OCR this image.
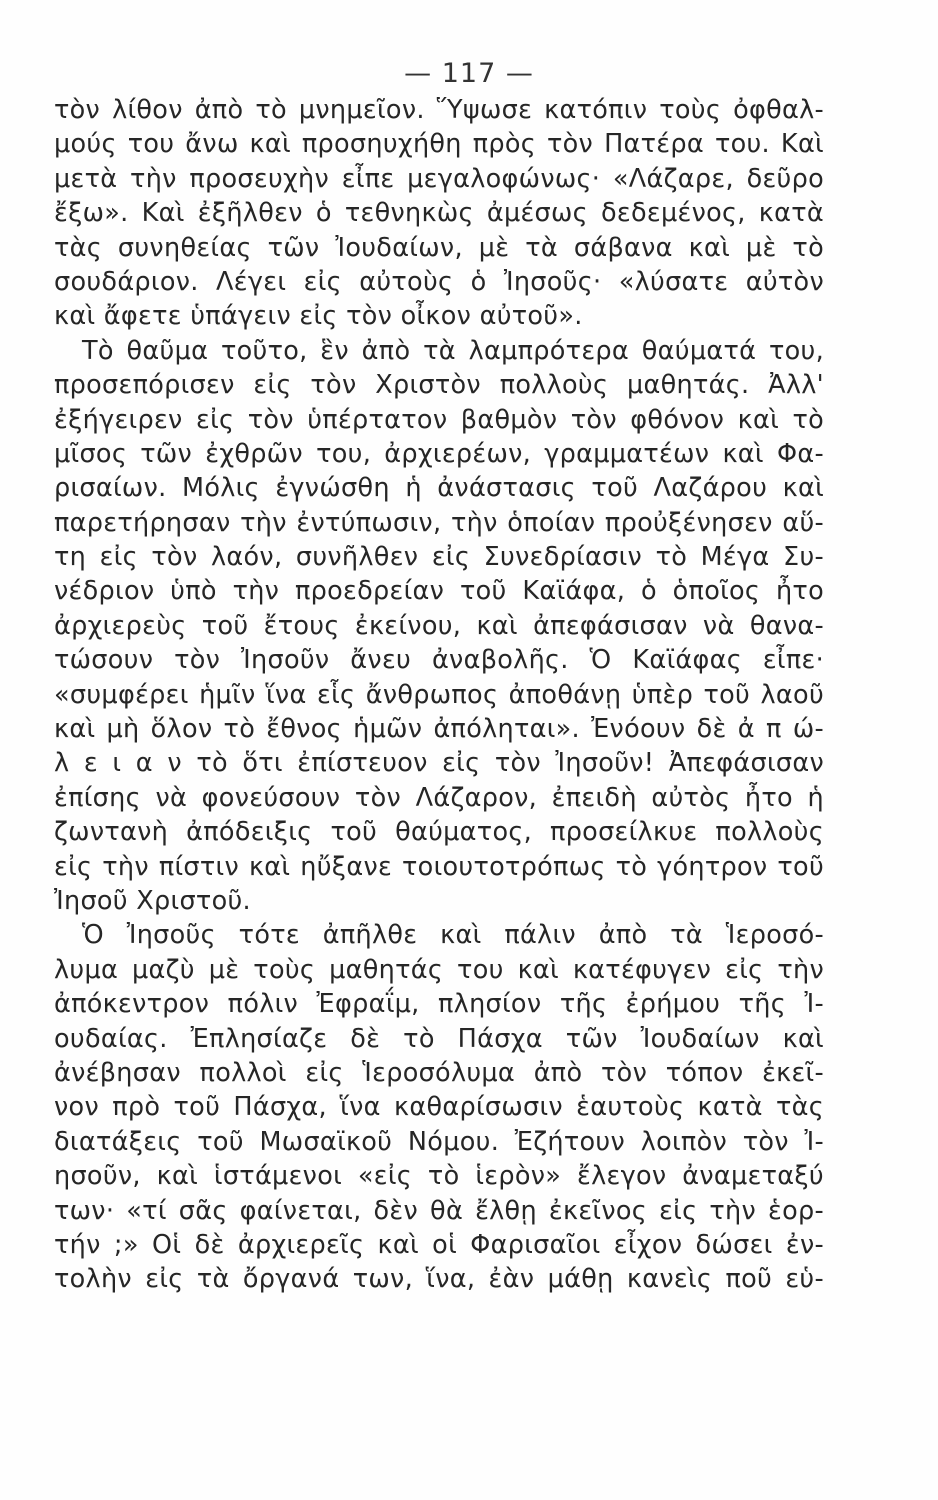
— 117 —
τὸν λίθον ἀπὸ τὸ μνημεῖον. Ὕψωσε κατόπιν τοὺς ὀφθαλ-
μούς του ἄνω καὶ προσηυχήθη πρὸς τὸν Πατέρα του. Καὶ
μετὰ τὴν προσευχὴν εἶπε μεγαλοφώνως· «Λάζαρε, δεῦρο
ἔξω». Καὶ ἐξῆλθεν ὁ τεθνηκὼς ἀμέσως δεδεμένος, κατὰ
τὰς συνηθείας τῶν Ἰουδαίων, μὲ τὰ σάβανα καὶ μὲ τὸ
σουδάριον. Λέγει εἰς αὐτοὺς ὁ Ἰησοῦς· «λύσατε αὐτὸν
καὶ ἄφετε ὑπάγειν εἰς τὸν οἶκον αὐτοῦ».
Τὸ θαῦμα τοῦτο, ἓν ἀπὸ τὰ λαμπρότερα θαύματά του,
προσεπόρισεν εἰς τὸν Χριστὸν πολλοὺς μαθητάς. Ἀλλ'
ἐξήγειρεν εἰς τὸν ὑπέρτατον βαθμὸν τὸν φθόνον καὶ τὸ
μῖσος τῶν ἐχθρῶν του, ἀρχιερέων, γραμματέων καὶ Φα-
ρισαίων. Μόλις ἐγνώσθη ἡ ἀνάστασις τοῦ Λαζάρου καὶ
παρετήρησαν τὴν ἐντύπωσιν, τὴν ὁποίαν προὐξένησεν αὕ-
τη εἰς τὸν λαόν, συνῆλθεν εἰς Συνεδρίασιν τὸ Μέγα Συ-
νέδριον ὑπὸ τὴν προεδρείαν τοῦ Καϊάφα, ὁ ὁποῖος ἦτο
ἀρχιερεὺς τοῦ ἔτους ἐκείνου, καὶ ἀπεφάσισαν νὰ θανα-
τώσουν τὸν Ἰησοῦν ἄνευ ἀναβολῆς. Ὁ Καϊάφας εἶπε·
«συμφέρει ἡμῖν ἵνα εἷς ἄνθρωπος ἀποθάνῃ ὑπὲρ τοῦ λαοῦ
καὶ μὴ ὅλον τὸ ἔθνος ἡμῶν ἀπόληται». Ἐνόουν δὲ ἀ π ώ-
λ ε ι α ν τὸ ὅτι ἐπίστευον εἰς τὸν Ἰησοῦν! Ἀπεφάσισαν
ἐπίσης νὰ φονεύσουν τὸν Λάζαρον, ἐπειδὴ αὐτὸς ἦτο ἡ
ζωντανὴ ἀπόδειξις τοῦ θαύματος, προσείλκυε πολλοὺς
εἰς τὴν πίστιν καὶ ηὔξανε τοιουτοτρόπως τὸ γόητρον τοῦ
Ἰησοῦ Χριστοῦ.
Ὁ Ἰησοῦς τότε ἀπῆλθε καὶ πάλιν ἀπὸ τὰ Ἱεροσό-
λυμα μαζὺ μὲ τοὺς μαθητάς του καὶ κατέφυγεν εἰς τὴν
ἀπόκεντρον πόλιν Ἐφραΐμ, πλησίον τῆς ἐρήμου τῆς Ἰ-
ουδαίας. Ἐπλησίαζε δὲ τὸ Πάσχα τῶν Ἰουδαίων καὶ
ἀνέβησαν πολλοὶ εἰς Ἱεροσόλυμα ἀπὸ τὸν τόπον ἐκεῖ-
νον πρὸ τοῦ Πάσχα, ἵνα καθαρίσωσιν ἑαυτοὺς κατὰ τὰς
διατάξεις τοῦ Μωσαϊκοῦ Νόμου. Ἐζήτουν λοιπὸν τὸν Ἰ-
ησοῦν, καὶ ἱστάμενοι «εἰς τὸ ἱερὸν» ἔλεγον ἀναμεταξύ
των· «τί σᾶς φαίνεται, δὲν θὰ ἔλθῃ ἐκεῖνος εἰς τὴν ἑορ-
τήν ;» Οἱ δὲ ἀρχιερεῖς καὶ οἱ Φαρισαῖοι εἶχον δώσει ἐν-
τολὴν εἰς τὰ ὄργανά των, ἵνα, ἐὰν μάθῃ κανεὶς ποῦ εὑ-
